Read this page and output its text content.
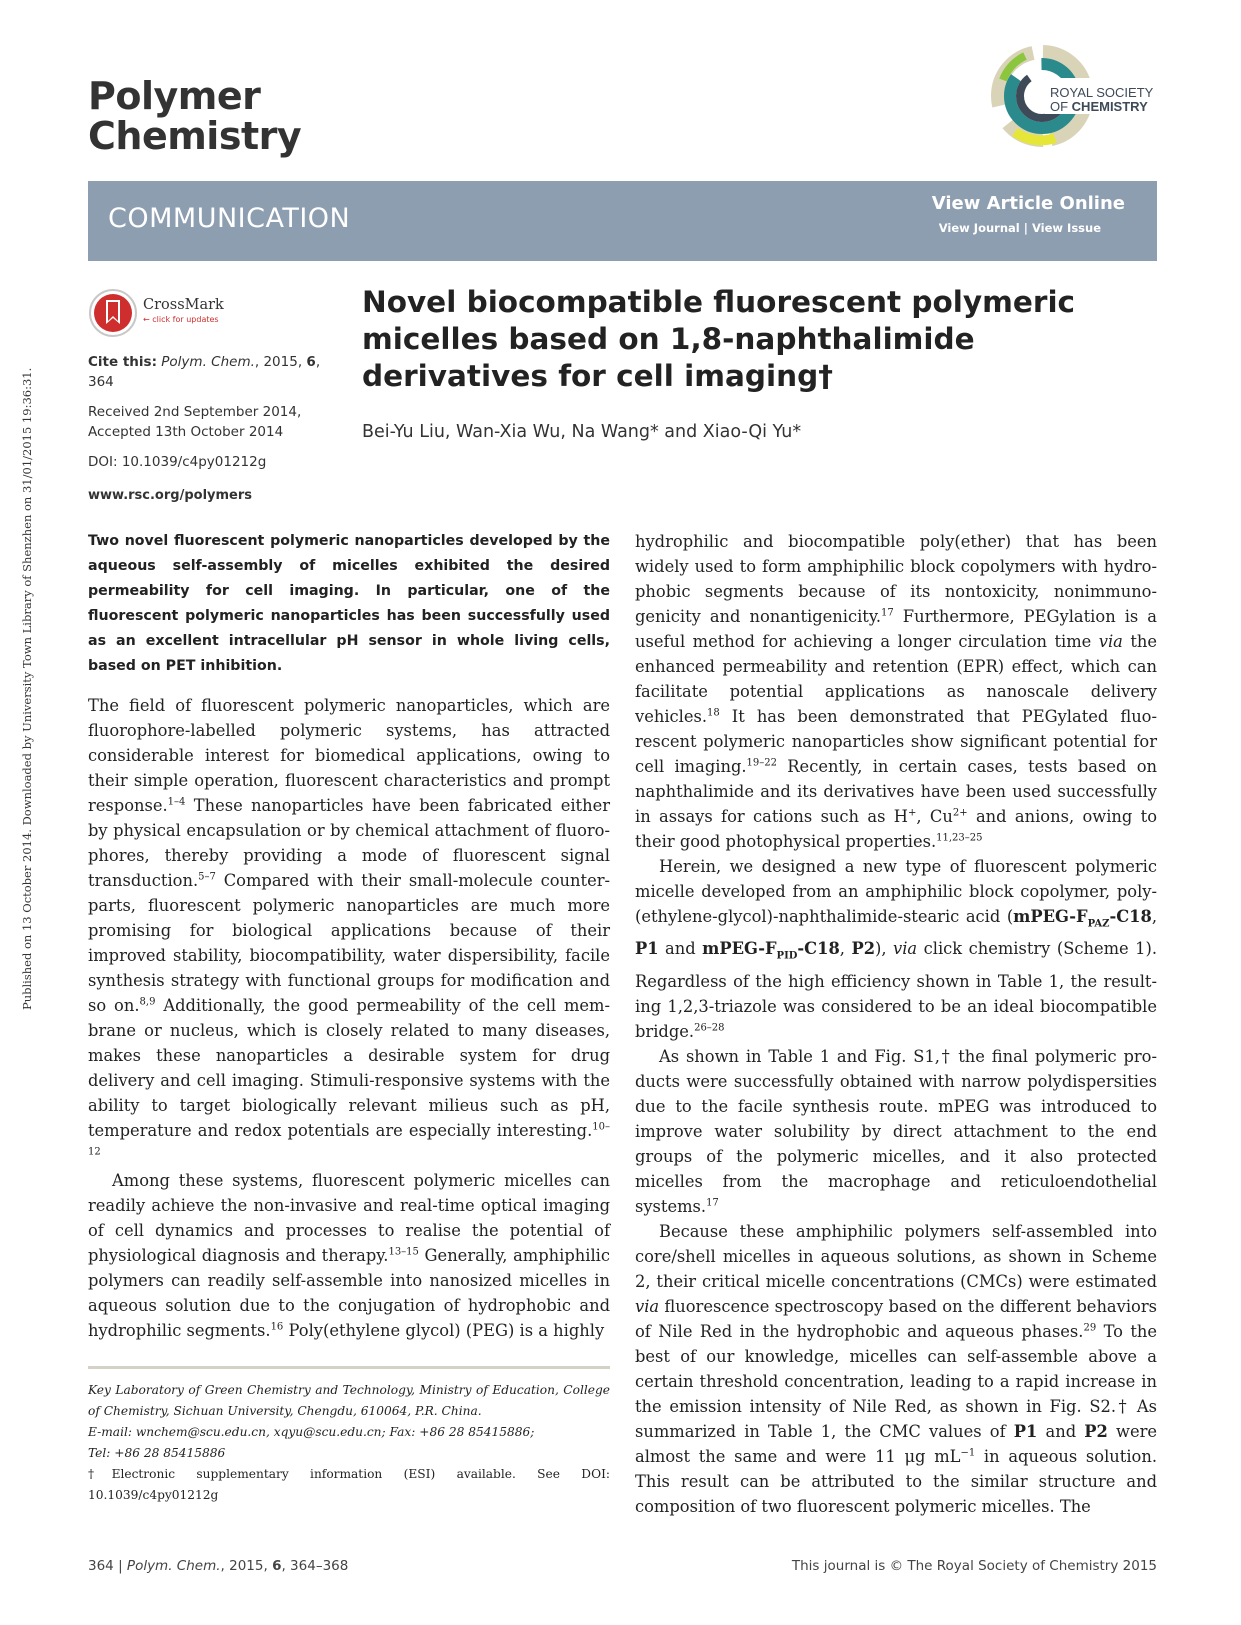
Published on 13 October 2014. Downloaded by University Town Library of Shenzhen on 31/01/2015 19:36:31.
Polymer
Chemistry
ROYAL SOCIETY
OF CHEMISTRY
COMMUNICATION	View Article Online
View Journal | View Issue
CrossMark
← click for updates
Cite this: Polym. Chem., 2015, 6, 364

Received 2nd September 2014,

Accepted 13th October 2014

DOI: 10.1039/c4py01212g

www.rsc.org/polymers

Novel biocompatible fluorescent polymeric micelles based on 1,8-naphthalimide derivatives for cell imaging†
Bei-Yu Liu, Wan-Xia Wu, Na Wang* and Xiao-Qi Yu*
Two novel fluorescent polymeric nanoparticles developed by the aqueous self-assembly of micelles exhibited the desired permeability for cell imaging. In particular, one of the fluorescent polymeric nanoparticles has been successfully used as an excellent intracellular pH sensor in whole living cells, based on PET inhibition.

The field of fluorescent polymeric nanoparticles, which are fluorophore-labelled polymeric systems, has attracted considerable interest for biomedical applications, owing to their simple operation, fluorescent characteristics and prompt response.$^{1-4}$ These nanoparticles have been fabricated either by physical encapsulation or by chemical attachment of fluorophores, thereby providing a mode of fluorescent signal transduction.$^{5-7}$ Compared with their small-molecule counterparts, fluorescent polymeric nanoparticles are much more promising for biological applications because of their improved stability, biocompatibility, water dispersibility, facile synthesis strategy with functional groups for modification and so on.$^{8,9}$ Additionally, the good permeability of the cell membrane or nucleus, which is closely related to many diseases, makes these nanoparticles a desirable system for drug delivery and cell imaging. Stimuli-responsive systems with the ability to target biologically relevant milieus such as pH, temperature and redox potentials are especially interesting.$^{10-12}$

Among these systems, fluorescent polymeric micelles can readily achieve the non-invasive and real-time optical imaging of cell dynamics and processes to realise the potential of physiological diagnosis and therapy.$^{13-15}$ Generally, amphiphilic polymers can readily self-assemble into nanosized micelles in aqueous solution due to the conjugation of hydrophobic and hydrophilic segments.$^{16}$ Poly(ethylene glycol) (PEG) is a highly

hydrophilic and biocompatible poly(ether) that has been widely used to form amphiphilic block copolymers with hydrophobic segments because of its nontoxicity, nonimmunogenicity and nonantigenicity.$^{17}$ Furthermore, PEGylation is a useful method for achieving a longer circulation time via the enhanced permeability and retention (EPR) effect, which can facilitate potential applications as nanoscale delivery vehicles.$^{18}$ It has been demonstrated that PEGylated fluorescent polymeric nanoparticles show significant potential for cell imaging.$^{19-22}$ Recently, in certain cases, tests based on naphthalimide and its derivatives have been used successfully in assays for cations such as H+, $Cu^{2+}$ and anions, owing to their good photophysical properties.$^{11,23-25}$

Herein, we designed a new type of fluorescent polymeric micelle developed from an amphiphilic block copolymer, poly(ethylene-glycol)-naphthalimide-stearic acid ($mPEG-F_{PAZ}-C18$, P1 and mPEG-$F_{PID}-C18$, P2), via click chemistry (Scheme 1). Regardless of the high efficiency shown in Table 1, the resulting 1,2,3-triazole was considered to be an ideal biocompatible bridge.$^{26-28}$

As shown in Table 1 and Fig. S1,† the final polymeric products were successfully obtained with narrow polydispersities due to the facile synthesis route. mPEG was introduced to improve water solubility by direct attachment to the end groups of the polymeric micelles, and it also protected micelles from the macrophage and reticuloendothelial systems.$^{17}$

Because these amphiphilic polymers self-assembled into core/shell micelles in aqueous solutions, as shown in Scheme 2, their critical micelle concentrations (CMCs) were estimated via fluorescence spectroscopy based on the different behaviors of Nile Red in the hydrophobic and aqueous phases.$^{29}$ To the best of our knowledge, micelles can self-assemble above a certain threshold concentration, leading to a rapid increase in the emission intensity of Nile Red, as shown in Fig. S2.† As summarized in Table 1, the CMC values of P1 and P2 were almost the same and were 11 μg $mL^{-1}$ in aqueous solution. This result can be attributed to the similar structure and composition of two fluorescent polymeric micelles. The

Key Laboratory of Green Chemistry and Technology, Ministry of Education, College of Chemistry, Sichuan University, Chengdu, 610064, P.R. China.

E-mail: wnchem@scu.edu.cn, xqyu@scu.edu.cn; Fax: +86 28 85415886;

Tel: +86 28 85415886

†Electronic supplementary information (ESI) available. See DOI: 10.1039/c4py01212g

364 | Polym. Chem., 2015, 6, 364–368	This journal is © The Royal Society of Chemistry 2015
